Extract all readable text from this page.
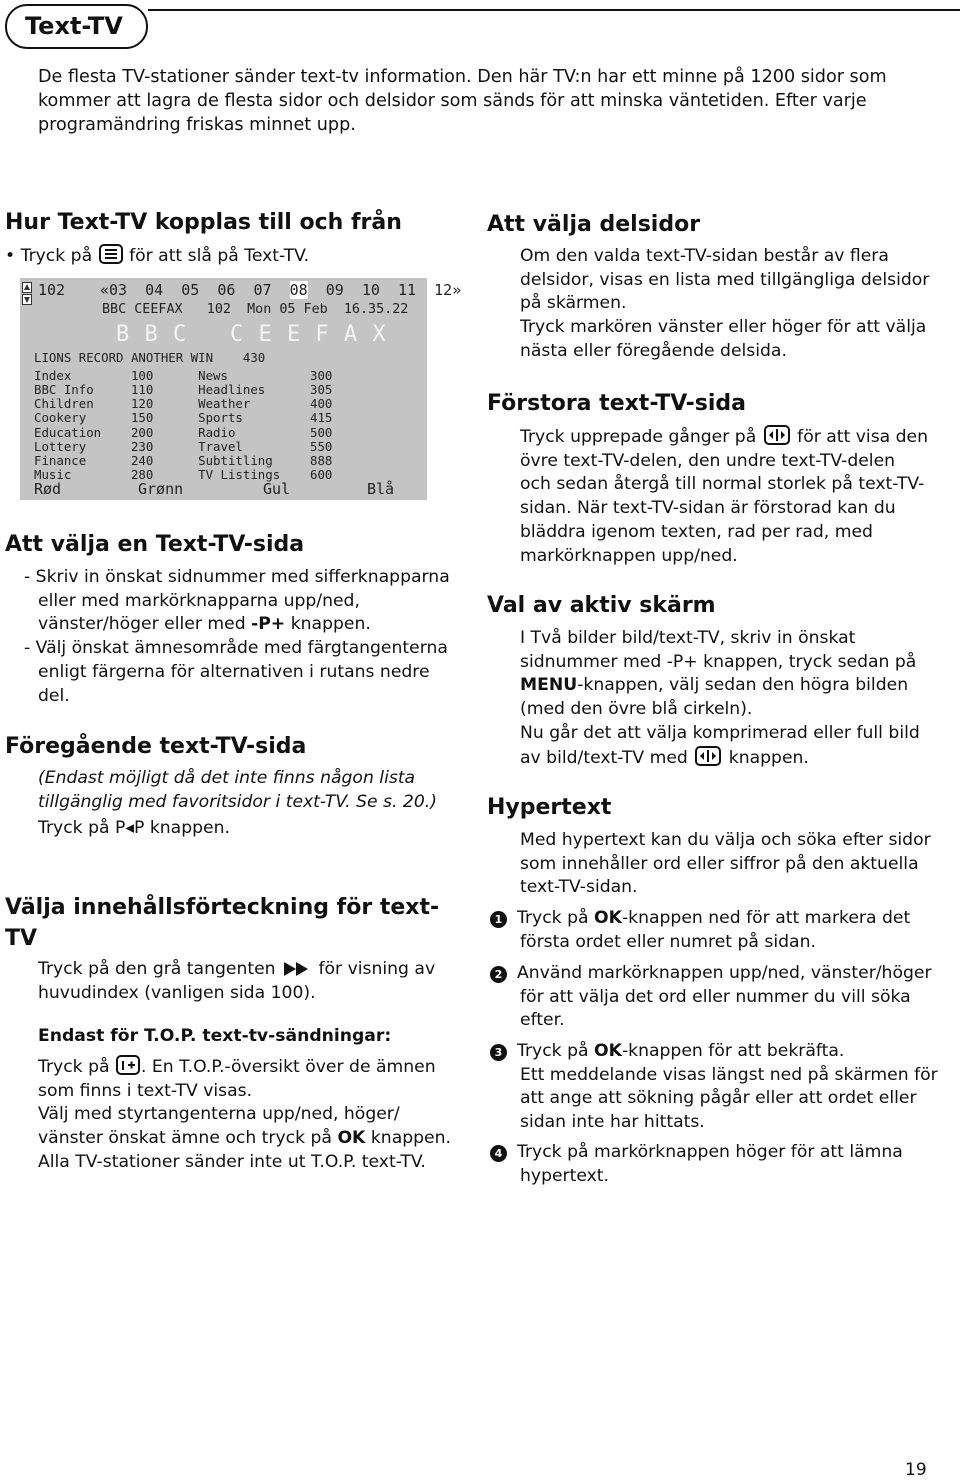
Text-TV
De flesta TV-stationer sänder text-tv information. Den här TV:n har ett minne på 1200 sidor som
kommer att lagra de flesta sidor och delsidor som sänds för att minska väntetiden. Efter varje
programändring friskas minnet upp.
Hur Text-TV kopplas till och från
• Tryck på för att slå på Text-TV.
102 «03  04  05  06  07 08 09  10  11  12»
BBC CEEFAX   102  Mon 05 Feb  16.35.22
B B C   C E E F A X
LIONS RECORD ANOTHER WIN    430
Index        100      News           300
BBC Info     110      Headlines      305
Children     120      Weather        400
Cookery      150      Sports         415
Education    200      Radio          500
Lottery      230      Travel         550
Finance      240      Subtitling     888
Music        280      TV Listings    600
Rød	Grønn	Gul	Blå
Att välja en Text-TV-sida
- Skriv in önskat sidnummer med sifferknapparna
eller med markörknapparna upp/ned,
vänster/höger eller med -P+ knappen.
- Välj önskat ämnesområde med färgtangenterna
enligt färgerna för alternativen i rutans nedre
del.
Föregående text-TV-sida
(Endast möjligt då det inte finns någon lista
tillgänglig med favoritsidor i text-TV. Se s. 20.)
Tryck på P◂P knappen.
Välja innehållsförteckning för text-
TV
Tryck på den grå tangenten för visning av
huvudindex (vanligen sida 100).
Endast för T.O.P. text-tv-sändningar:
Tryck på . En T.O.P.-översikt över de ämnen
som finns i text-TV visas.
Välj med styrtangenterna upp/ned, höger/
vänster önskat ämne och tryck på OK knappen.
Alla TV-stationer sänder inte ut T.O.P. text-TV.
Att välja delsidor
Om den valda text-TV-sidan består av flera
delsidor, visas en lista med tillgängliga delsidor
på skärmen.
Tryck markören vänster eller höger för att välja
nästa eller föregående delsida.
Förstora text-TV-sida
Tryck upprepade gånger på för att visa den
övre text-TV-delen, den undre text-TV-delen
och sedan återgå till normal storlek på text-TV-
sidan. När text-TV-sidan är förstorad kan du
bläddra igenom texten, rad per rad, med
markörknappen upp/ned.
Val av aktiv skärm
I Två bilder bild/text-TV, skriv in önskat
sidnummer med -P+ knappen, tryck sedan på
MENU-knappen, välj sedan den högra bilden
(med den övre blå cirkeln).
Nu går det att välja komprimerad eller full bild
av bild/text-TV med knappen.
Hypertext
Med hypertext kan du välja och söka efter sidor
som innehåller ord eller siffror på den aktuella
text-TV-sidan.
1 Tryck på OK-knappen ned för att markera det
första ordet eller numret på sidan.
2 Använd markörknappen upp/ned, vänster/höger
för att välja det ord eller nummer du vill söka
efter.
3 Tryck på OK-knappen för att bekräfta.
Ett meddelande visas längst ned på skärmen för
att ange att sökning pågår eller att ordet eller
sidan inte har hittats.
4 Tryck på markörknappen höger för att lämna
hypertext.
19
